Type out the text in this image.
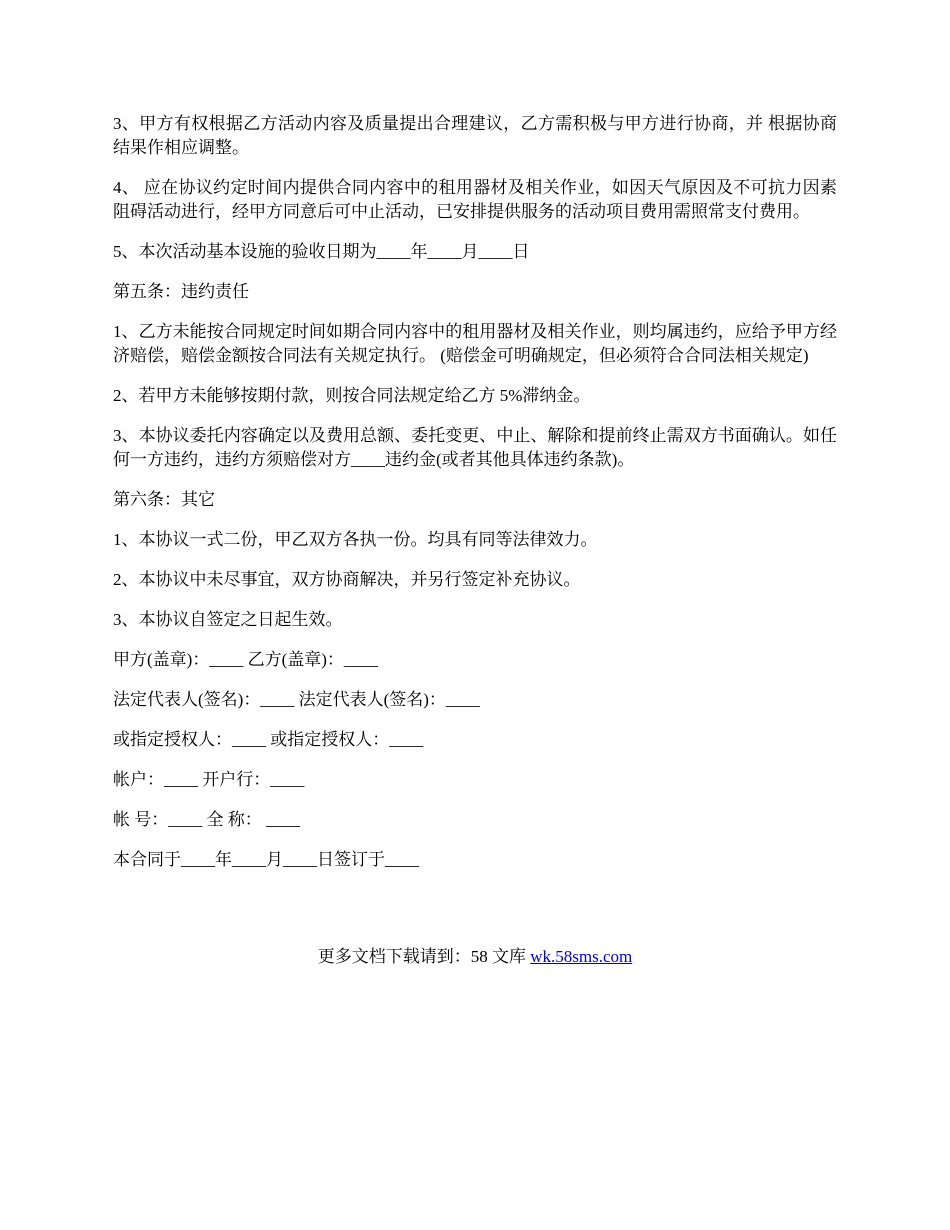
3、甲方有权根据乙方活动内容及质量提出合理建议，乙方需积极与甲方进行协商，并 根据协商结果作相应调整。

4、 应在协议约定时间内提供合同内容中的租用器材及相关作业，如因天气原因及不可抗力因素阻碍活动进行，经甲方同意后可中止活动，已安排提供服务的活动项目费用需照常支付费用。

5、本次活动基本设施的验收日期为____年____月____日

第五条：违约责任

1、乙方未能按合同规定时间如期合同内容中的租用器材及相关作业，则均属违约，应给予甲方经济赔偿，赔偿金额按合同法有关规定执行。 (赔偿金可明确规定，但必须符合合同法相关规定)

2、若甲方未能够按期付款，则按合同法规定给乙方 5%滞纳金。

3、本协议委托内容确定以及费用总额、委托变更、中止、解除和提前终止需双方书面确认。如任何一方违约，违约方须赔偿对方____违约金(或者其他具体违约条款)。

第六条：其它

1、本协议一式二份，甲乙双方各执一份。均具有同等法律效力。

2、本协议中未尽事宜，双方协商解决，并另行签定补充协议。

3、本协议自签定之日起生效。

甲方(盖章)：____ 乙方(盖章)：____

法定代表人(签名)：____ 法定代表人(签名)：____

或指定授权人：____ 或指定授权人：____

帐户：____ 开户行：____

帐 号：____ 全 称： ____

本合同于____年____月____日签订于____

更多文档下载请到：58 文库 wk.58sms.com
